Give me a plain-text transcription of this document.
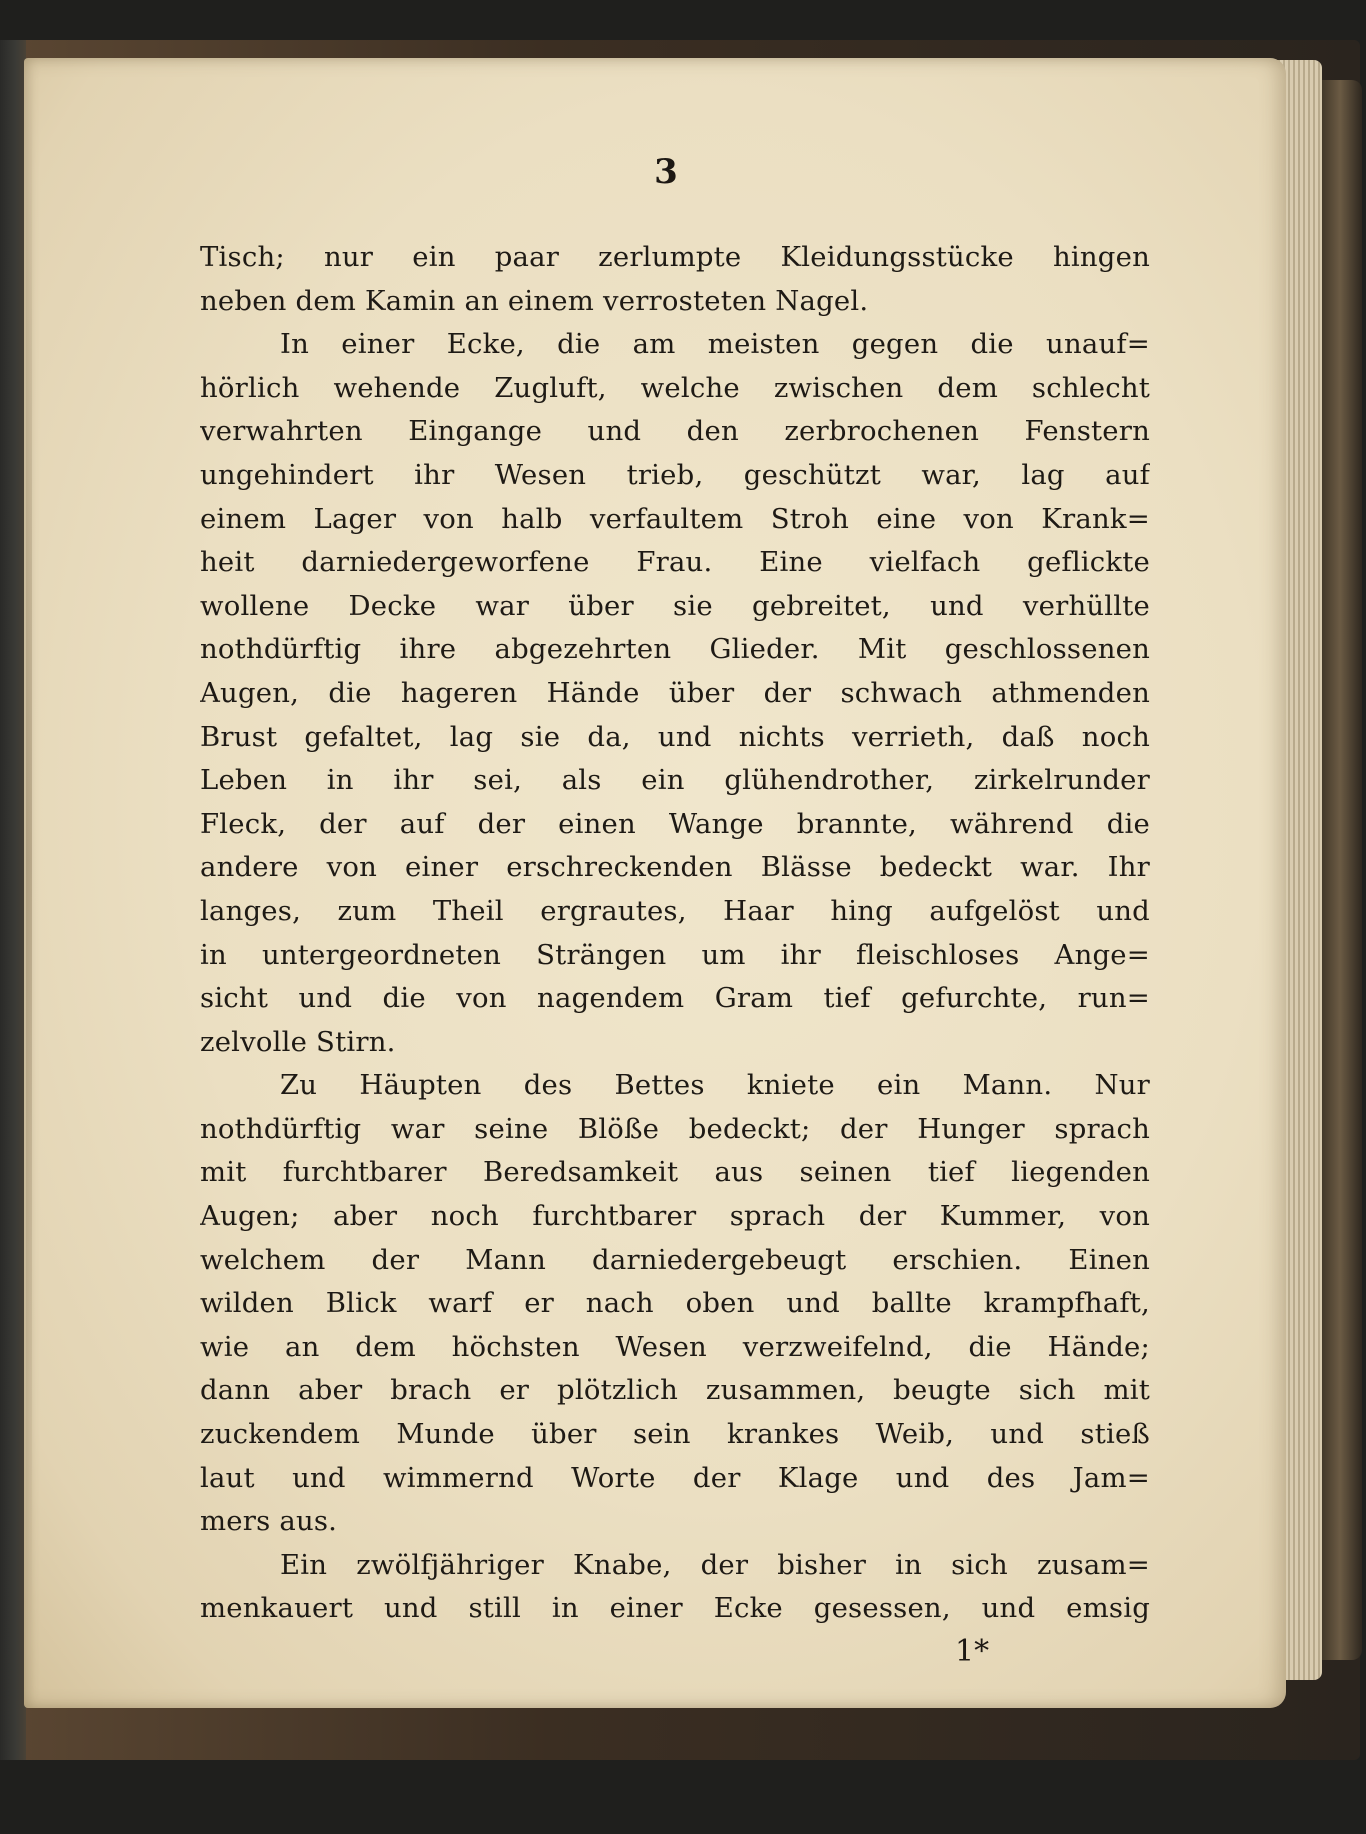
3
Tisch; nur ein paar zerlumpte Kleidungsstücke hingen
neben dem Kamin an einem verrosteten Nagel.
In einer Ecke, die am meisten gegen die unauf=
hörlich wehende Zugluft, welche zwischen dem schlecht
verwahrten Eingange und den zerbrochenen Fenstern
ungehindert ihr Wesen trieb, geschützt war, lag auf
einem Lager von halb verfaultem Stroh eine von Krank=
heit darniedergeworfene Frau. Eine vielfach geflickte
wollene Decke war über sie gebreitet, und verhüllte
nothdürftig ihre abgezehrten Glieder. Mit geschlossenen
Augen, die hageren Hände über der schwach athmenden
Brust gefaltet, lag sie da, und nichts verrieth, daß noch
Leben in ihr sei, als ein glühendrother, zirkelrunder
Fleck, der auf der einen Wange brannte, während die
andere von einer erschreckenden Blässe bedeckt war. Ihr
langes, zum Theil ergrautes, Haar hing aufgelöst und
in untergeordneten Strängen um ihr fleischloses Ange=
sicht und die von nagendem Gram tief gefurchte, run=
zelvolle Stirn.
Zu Häupten des Bettes kniete ein Mann. Nur
nothdürftig war seine Blöße bedeckt; der Hunger sprach
mit furchtbarer Beredsamkeit aus seinen tief liegenden
Augen; aber noch furchtbarer sprach der Kummer, von
welchem der Mann darniedergebeugt erschien. Einen
wilden Blick warf er nach oben und ballte krampfhaft,
wie an dem höchsten Wesen verzweifelnd, die Hände;
dann aber brach er plötzlich zusammen, beugte sich mit
zuckendem Munde über sein krankes Weib, und stieß
laut und wimmernd Worte der Klage und des Jam=
mers aus.
Ein zwölfjähriger Knabe, der bisher in sich zusam=
menkauert und still in einer Ecke gesessen, und emsig
1*
